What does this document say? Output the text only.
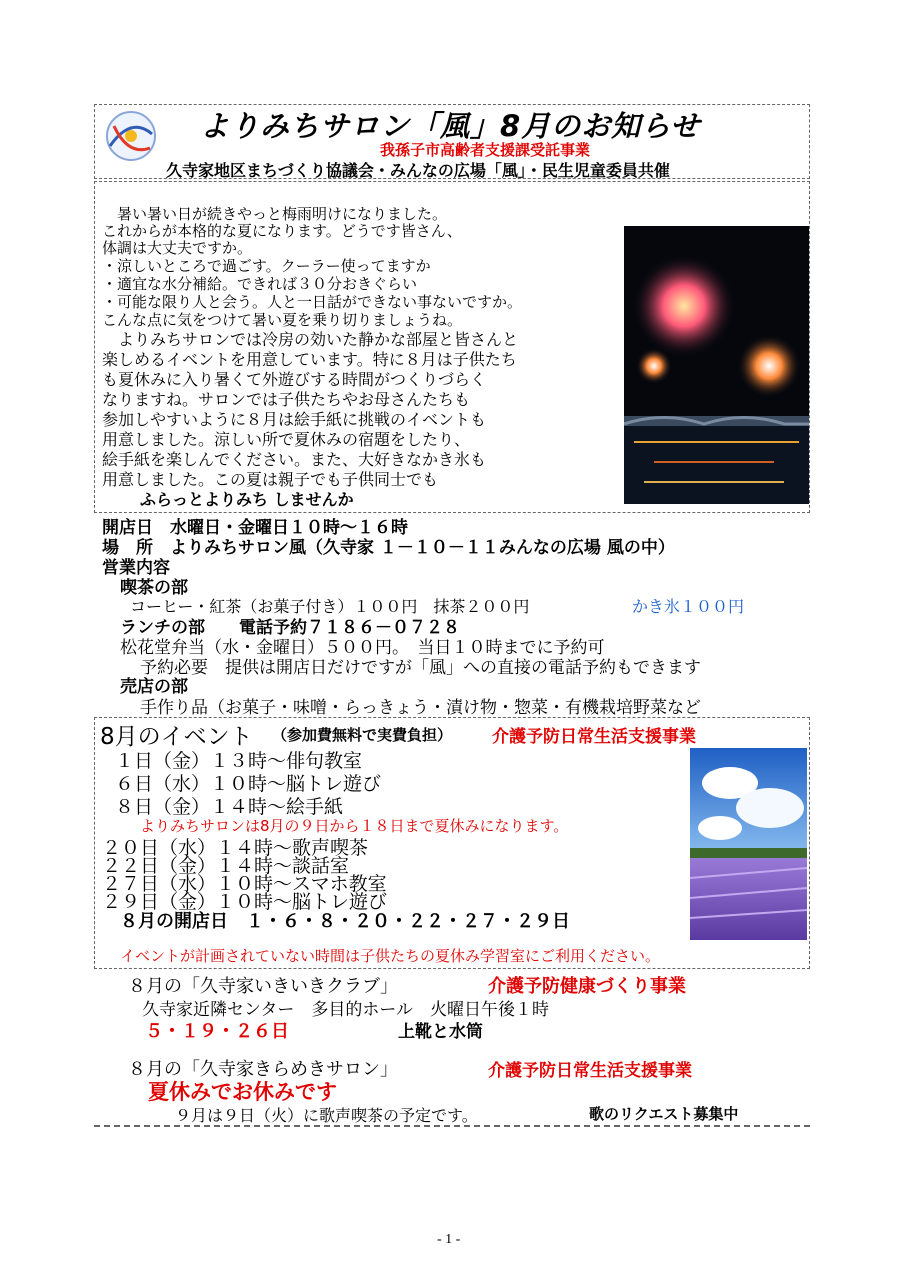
よりみちサロン「風」8月のお知らせ
我孫子市高齢者支援課受託事業
久寺家地区まちづくり協議会・みんなの広場「風」・民生児童委員共催
　暑い暑い日が続きやっと梅雨明けになりました。
これからが本格的な夏になります。どうです皆さん、
体調は大丈夫ですか。
・涼しいところで過ごす。クーラー使ってますか
・適宜な水分補給。できれば３０分おきぐらい
・可能な限り人と会う。人と一日話ができない事ないですか。
こんな点に気をつけて暑い夏を乗り切りましょうね。
　よりみちサロンでは冷房の効いた静かな部屋と皆さんと
楽しめるイベントを用意しています。特に８月は子供たち
も夏休みに入り暑くて外遊びする時間がつくりづらく
なりますね。サロンでは子供たちやお母さんたちも
参加しやすいように８月は絵手紙に挑戦のイベントも
用意しました。涼しい所で夏休みの宿題をしたり、
絵手紙を楽しんでください。また、大好きなかき氷も
用意しました。この夏は親子でも子供同士でも
ふらっとよりみち しませんか
開店日　水曜日・金曜日１０時～１６時
場　所　よりみちサロン風（久寺家 １－１０－１１みんなの広場 風の中）
営業内容
喫茶の部
コーヒー・紅茶（お菓子付き）１００円　抹茶２００円	かき氷１００円
ランチの部　　電話予約７１８６－０７２８
松花堂弁当（水・金曜日）５００円。　当日１０時までに予約可
予約必要　提供は開店日だけですが「風」への直接の電話予約もできます
売店の部
手作り品（お菓子・味噌・らっきょう・漬け物・惣菜・有機栽培野菜など
8月のイベント （参加費無料で実費負担） 介護予防日常生活支援事業
１日（金）１３時～俳句教室
６日（水）１０時～脳トレ遊び
８日（金）１４時～絵手紙
よりみちサロンは8月の９日から１８日まで夏休みになります。
２０日（水）１４時～歌声喫茶
２２日（金）１４時～談話室
２７日（水）１０時～スマホ教室
２９日（金）１０時～脳トレ遊び
８月の開店日　１・６・８・２０・２２・２７・２９日
イベントが計画されていない時間は子供たちの夏休み学習室にご利用ください。
８月の「久寺家いきいきクラブ」	介護予防健康づくり事業
久寺家近隣センター　多目的ホール　火曜日午後１時
５・１９・２６日	上靴と水筒
８月の「久寺家きらめきサロン」	介護予防日常生活支援事業
夏休みでお休みです
９月は９日（火）に歌声喫茶の予定です。	歌のリクエスト募集中
- 1 -
